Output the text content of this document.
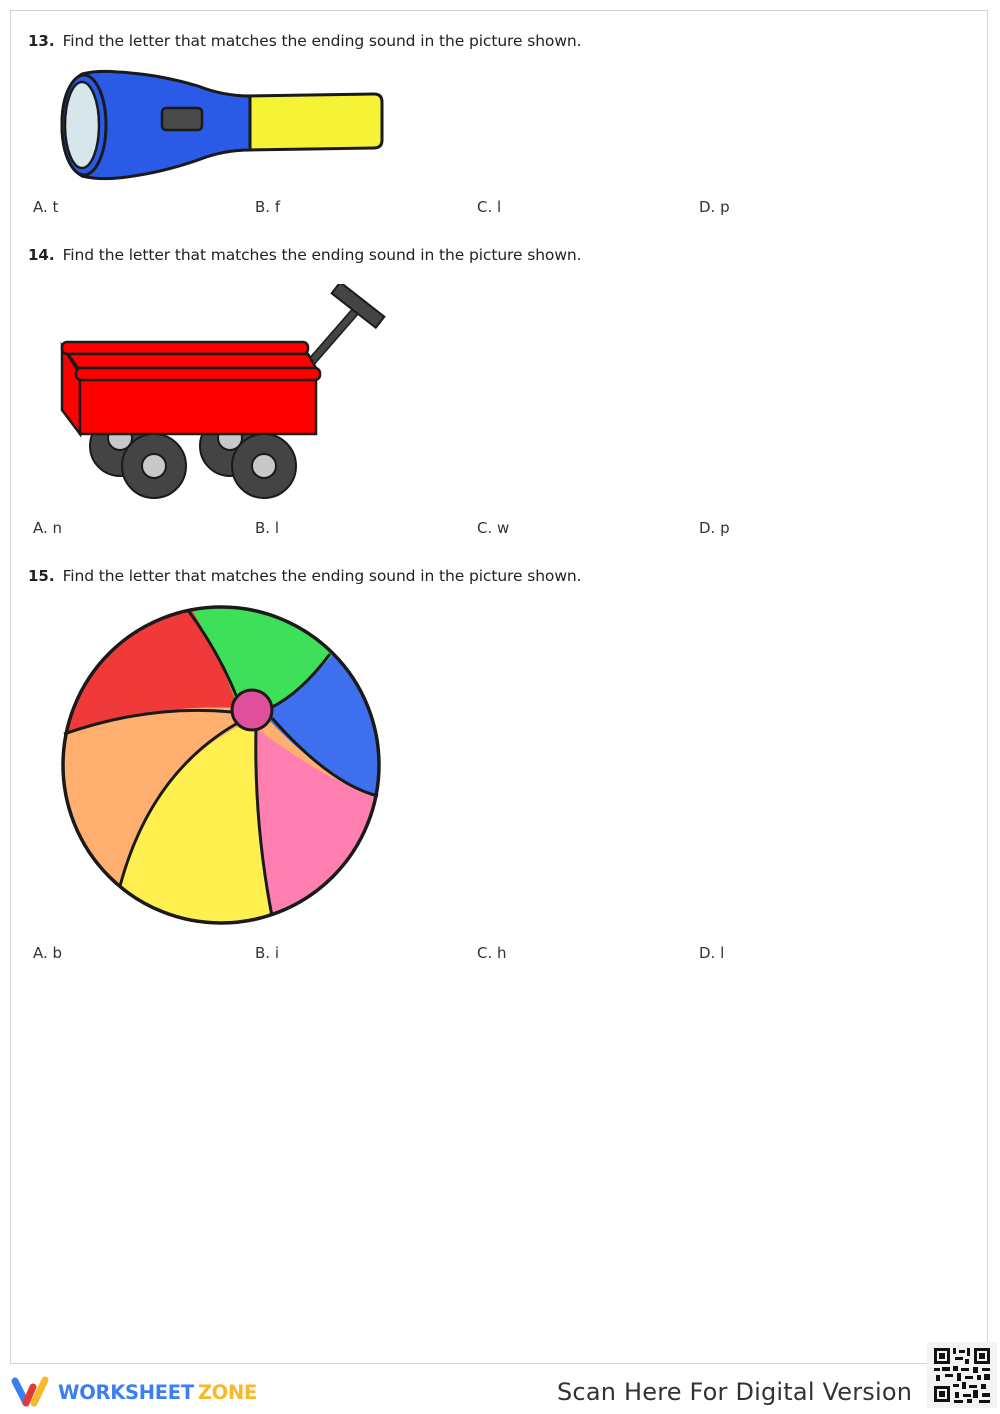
13. Find the letter that matches the ending sound in the picture shown.
A. t	B. f	C. l	D. p
14. Find the letter that matches the ending sound in the picture shown.
A. n	B. l	C. w	D. p
15. Find the letter that matches the ending sound in the picture shown.
A. b	B. i	C. h	D. l
WORKSHEET ZONE	Scan Here For Digital Version
